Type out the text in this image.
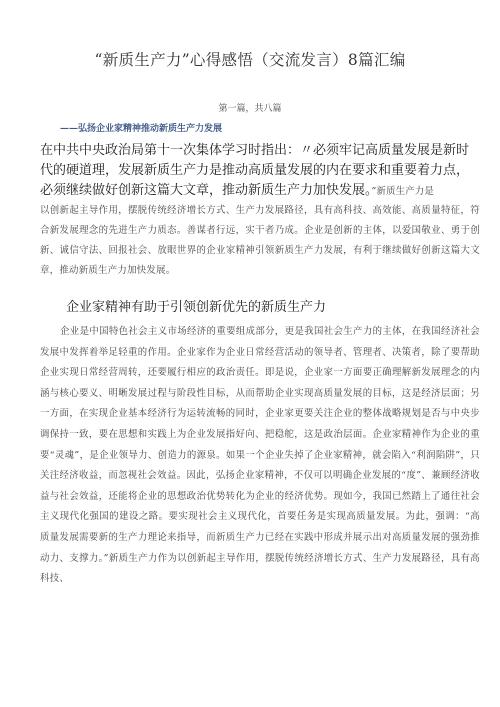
“新质生产力”心得感悟（交流发言）8篇汇编
第一篇，共八篇
——弘扬企业家精神推动新质生产力发展
在中共中央政治局第十一次集体学习时指出：〃必须牢记高质量发展是新时代的硬道理，发展新质生产力是推动高质量发展的内在要求和重要着力点，必须继续做好创新这篇大文章，推动新质生产力加快发展。”新质生产力是
以创新起主导作用，摆脱传统经济增长方式、生产力发展路径，具有高科技、高效能、高质量特征，符合新发展理念的先进生产力质态。善谋者行远，实干者乃成。企业是创新的主体，以爱国敬业、勇于创新、诚信守法、回报社会、放眼世界的企业家精神引领新质生产力发展，有利于继续做好创新这篇大文章，推动新质生产力加快发展。
企业家精神有助于引领创新优先的新质生产力
企业是中国特色社会主义市场经济的重要组成部分，更是我国社会生产力的主体，在我国经济社会发展中发挥着举足轻重的作用。企业家作为企业日常经营活动的领导者、管理者、决策者，除了要帮助企业实现日常经营周转，还要履行相应的政治责任。即是说，企业家一方面要正确理解新发展理念的内涵与核心要义、明晰发展过程与阶段性目标，从而帮助企业实现高质量发展的目标，这是经济层面；另一方面，在实现企业基本经济行为运转流畅的同时，企业家更要关注企业的整体战略规划是否与中央步调保持一致，要在思想和实践上为企业发展指好向、把稳舵，这是政治层面。企业家精神作为企业的重要“灵魂”，是企业领导力、创造力的源泉。如果一个企业失掉了企业家精神，就会陷入“利润陷阱”，只关注经济收益，而忽视社会效益。因此，弘扬企业家精神，不仅可以明确企业发展的“度”、兼顾经济收益与社会效益，还能将企业的思想政治优势转化为企业的经济优势。现如今，我国已然踏上了通往社会主义现代化强国的建设之路。要实现社会主义现代化，首要任务是实现高质量发展。为此，强调：“高质量发展需要新的生产力理论来指导，而新质生产力已经在实践中形成并展示出对高质量发展的强劲推动力、支撑力。”新质生产力作为以创新起主导作用，摆脱传统经济增长方式、生产力发展路径，具有高科技、
